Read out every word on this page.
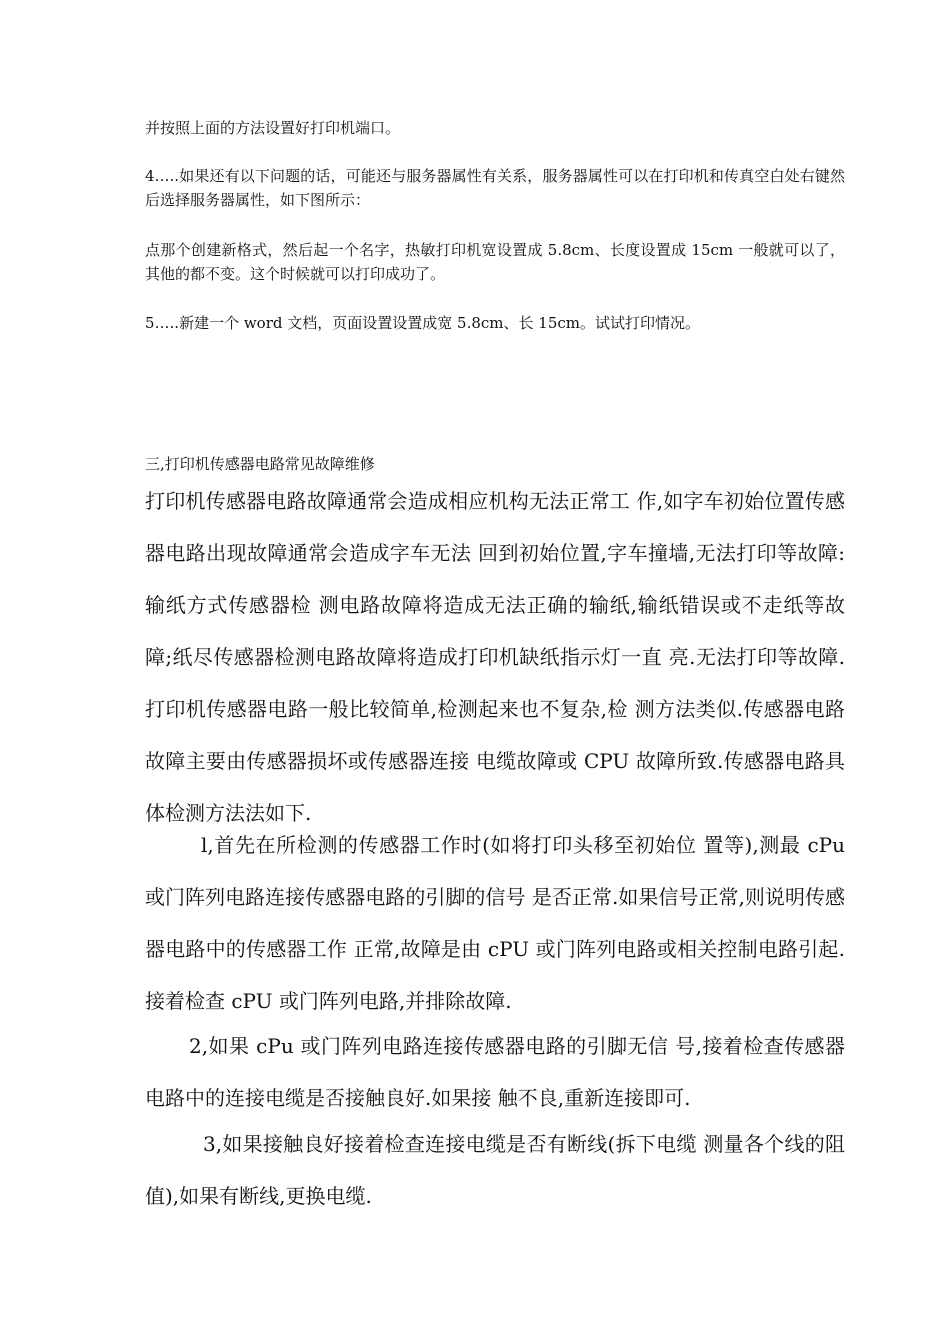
并按照上面的方法设置好打印机端口。

4…..如果还有以下问题的话，可能还与服务器属性有关系，服务器属性可以在打印机和传真空白处右键然后选择服务器属性，如下图所示：

点那个创建新格式，然后起一个名字，热敏打印机宽设置成 5.8cm、长度设置成 15cm 一般就可以了，其他的都不变。这个时候就可以打印成功了。

5…..新建一个 word 文档，页面设置设置成宽 5.8cm、长 15cm。试试打印情况。

三,打印机传感器电路常见故障维修

打印机传感器电路故障通常会造成相应机构无法正常工 作,如字车初始位置传感器电路出现故障通常会造成字车无法 回到初始位置,字车撞墙,无法打印等故障:输纸方式传感器检 测电路故障将造成无法正确的输纸,输纸错误或不走纸等故 障;纸尽传感器检测电路故障将造成打印机缺纸指示灯一直 亮.无法打印等故障.打印机传感器电路一般比较简单,检测起来也不复杂,检 测方法类似.传感器电路故障主要由传感器损坏或传感器连接 电缆故障或 CPU 故障所致.传感器电路具体检测方法法如下.

l,首先在所检测的传感器工作时(如将打印头移至初始位 置等),测最 cPu 或门阵列电路连接传感器电路的引脚的信号 是否正常.如果信号正常,则说明传感器电路中的传感器工作 正常,故障是由 cPU 或门阵列电路或相关控制电路引起.接着检查 cPU 或门阵列电路,并排除故障.

2,如果 cPu 或门阵列电路连接传感器电路的引脚无信 号,接着检查传感器电路中的连接电缆是否接触良好.如果接 触不良,重新连接即可.

3,如果接触良好接着检查连接电缆是否有断线(拆下电缆 测量各个线的阻值),如果有断线,更换电缆.
